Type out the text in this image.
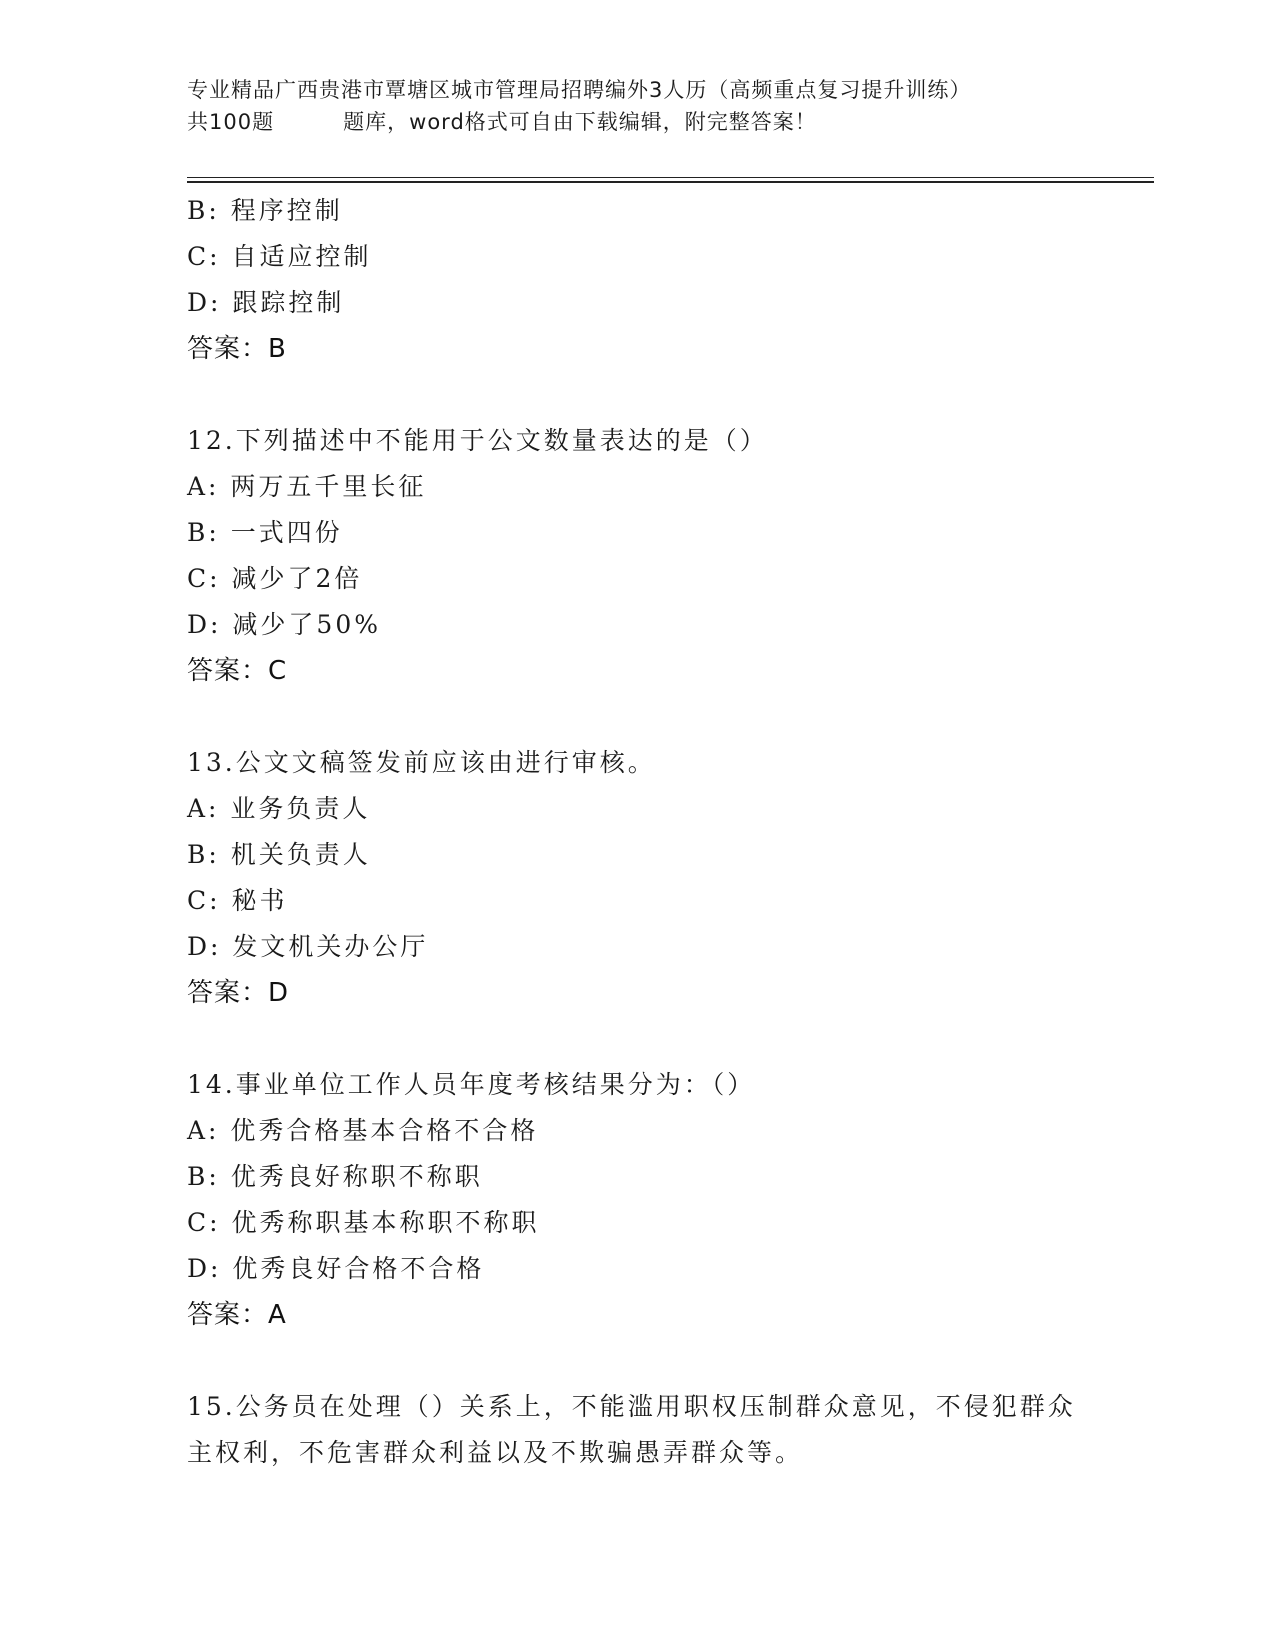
专业精品广西贵港市覃塘区城市管理局招聘编外3人历（高频重点复习提升训练）
共100题         题库，word格式可自由下载编辑，附完整答案！
B: 程序控制
C: 自适应控制
D: 跟踪控制
答案：B
12.下列描述中不能用于公文数量表达的是（）
A: 两万五千里长征
B: 一式四份
C: 减少了2倍
D: 减少了50%
答案：C
13.公文文稿签发前应该由进行审核。
A: 业务负责人
B: 机关负责人
C: 秘书
D: 发文机关办公厅
答案：D
14.事业单位工作人员年度考核结果分为：（）
A: 优秀合格基本合格不合格
B: 优秀良好称职不称职
C: 优秀称职基本称职不称职
D: 优秀良好合格不合格
答案：A
15.公务员在处理（）关系上，不能滥用职权压制群众意见，不侵犯群众主权利，不危害群众利益以及不欺骗愚弄群众等。
